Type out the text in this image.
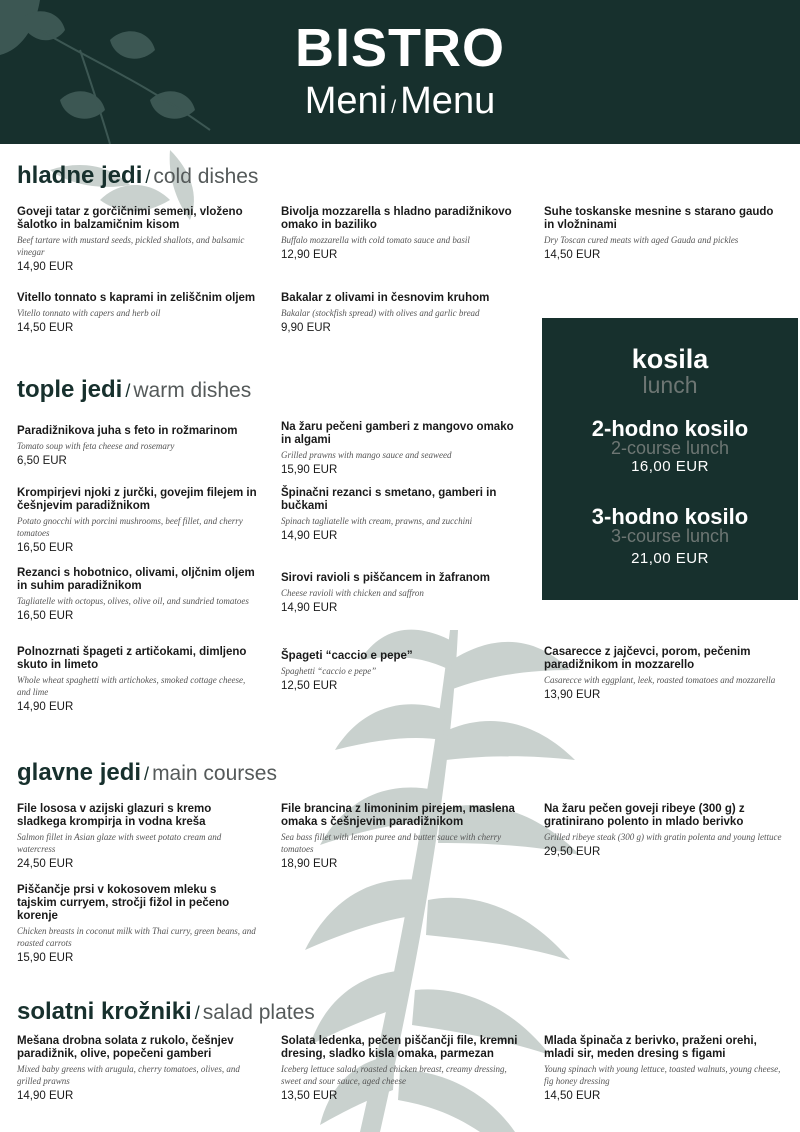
BISTRO
Meni / Menu
hladne jedi / cold dishes
Goveji tatar z gorčičnimi semeni, vloženo šalotko in balzamičnim kisom
Beef tartare with mustard seeds, pickled shallots, and balsamic vinegar
14,90 EUR
Bivolja mozzarella s hladno paradižnikovo omako in baziliko
Buffalo mozzarella with cold tomato sauce and basil
12,90 EUR
Suhe toskanske mesnine s starano gaudo in vložninami
Dry Toscan cured meats with aged Gauda and pickles
14,50 EUR
Vitello tonnato s kaprami in zeliščnim oljem
Vitello tonnato with capers and herb oil
14,50 EUR
Bakalar z olivami in česnovim kruhom
Bakalar (stockfish spread) with olives and garlic bread
9,90 EUR
tople jedi / warm dishes
Paradižnikova juha s feto in rožmarinom
Tomato soup with feta cheese and rosemary
6,50 EUR
Na žaru pečeni gamberi z mangovo omako in algami
Grilled prawns with mango sauce and seaweed
15,90 EUR
Krompirjevi njoki z jurčki, govejim filejem in češnjevim paradižnikom
Potato gnocchi with porcini mushrooms, beef fillet, and cherry tomatoes
16,50 EUR
Špinačni rezanci s smetano, gamberi in bučkami
Spinach tagliatelle with cream, prawns, and zucchini
14,90 EUR
Rezanci s hobotnico, olivami, oljčnim oljem in suhim paradižnikom
Tagliatelle with octopus, olives, olive oil, and sundried tomatoes
16,50 EUR
Sirovi ravioli s piščancem in žafranom
Cheese ravioli with chicken and saffron
14,90 EUR
Polnozrnati špageti z artičokami, dimljeno skuto in limeto
Whole wheat spaghetti with artichokes, smoked cottage cheese, and lime
14,90 EUR
Špageti “caccio e pepe”
Spaghetti “caccio e pepe”
12,50 EUR
Casarecce z jajčevci, porom, pečenim paradižnikom in mozzarello
Casarecce with eggplant, leek, roasted tomatoes and mozzarella
13,90 EUR
kosila
lunch
2-hodno kosilo
2-course lunch
16,00 EUR
3-hodno kosilo
3-course lunch
21,00 EUR
glavne jedi / main courses
File lososa v azijski glazuri s kremo sladkega krompirja in vodna kreša
Salmon fillet in Asian glaze with sweet potato cream and watercress
24,50 EUR
File brancina z limoninim pirejem, maslena omaka s češnjevim paradižnikom
Sea bass fillet with lemon puree and butter sauce with cherry tomatoes
18,90 EUR
Na žaru pečen goveji ribeye (300 g) z gratinirano polento in mlado berivko
Grilled ribeye steak (300 g) with gratin polenta and young lettuce
29,50 EUR
Piščančje prsi v kokosovem mleku s tajskim curryem, stročji fižol in pečeno korenje
Chicken breasts in coconut milk with Thai curry, green beans, and roasted carrots
15,90 EUR
solatni krožniki / salad plates
Mešana drobna solata z rukolo, češnjev paradižnik, olive, popečeni gamberi
Mixed baby greens with arugula, cherry tomatoes, olives, and grilled prawns
14,90 EUR
Solata ledenka, pečen piščančji file, kremni dresing, sladko kisla omaka, parmezan
Iceberg lettuce salad, roasted chicken breast, creamy dressing, sweet and sour sauce, aged cheese
13,50 EUR
Mlada špinača z berivko, praženi orehi, mladi sir, meden dresing s figami
Young spinach with young lettuce, toasted walnuts, young cheese, fig honey dressing
14,50 EUR
